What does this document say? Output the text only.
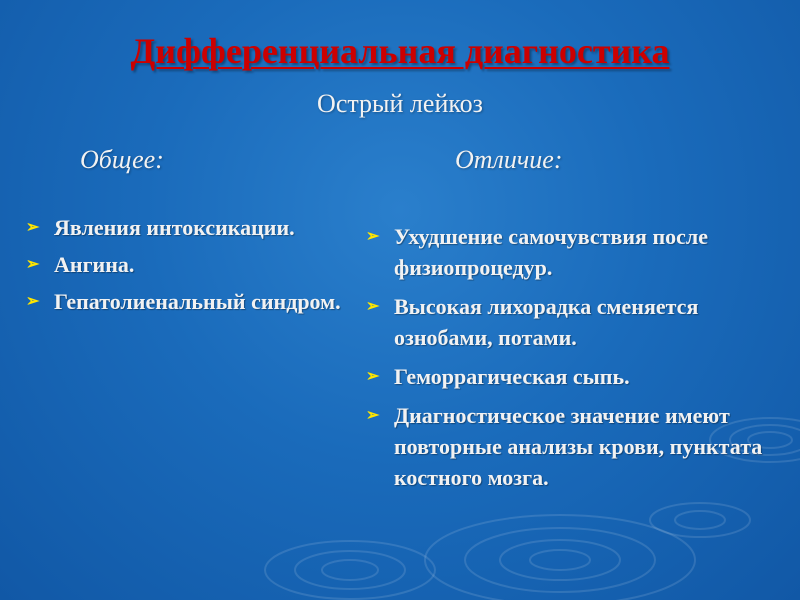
Дифференциальная диагностика
Острый лейкоз
Общее:	Отличие:
➢ Явления интоксикации.
➢ Ангина.
➢ Гепатолиенальный синдром.
➢ Ухудшение самочувствия после физиопроцедур.
➢ Высокая лихорадка сменяется ознобами, потами.
➢ Геморрагическая сыпь.
➢ Диагностическое значение имеют повторные анализы крови, пунктата костного мозга.
